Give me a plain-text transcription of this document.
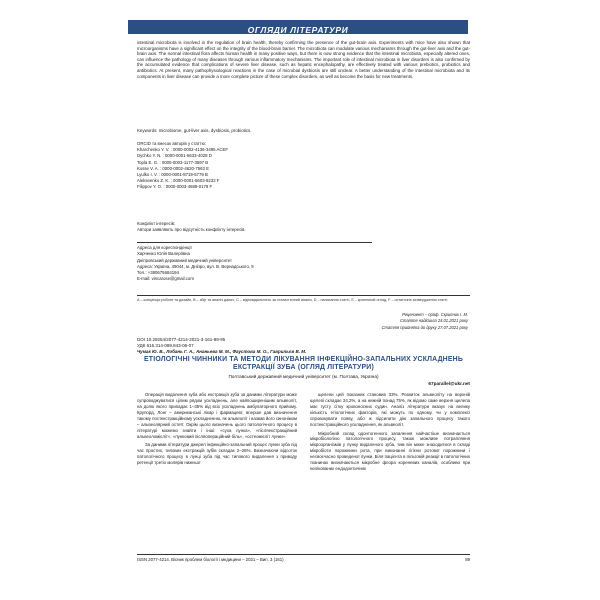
ОГЛЯДИ ЛІТЕРАТУРИ
intestinal microbiota is involved in the regulation of brain health, thereby confirming the presence of the gut-brain axis. Experiments with mice have also shown that microorganisms have a significant effect on the integrity of the blood-brain barrier. The microbiota can modulate various mechanisms through the gut-liver axis and the gut-brain axis. The normal intestinal flora affects human health in many positive ways, but there is now strong evidence that the intestinal microbiota, especially altered ones, can influence the pathology of many diseases through various inflammatory mechanisms. The important role of intestinal microbiota in liver disorders is also confirmed by the accumulated evidence that complications of severe liver disease, such as hepatic encephalopathy, are effectively treated with various prebiotics, probiotics and antibiotics. At present, many pathophysiological reactions in the case of microbial dysbiosis are still unclear. A better understanding of the intestinal microbiota and its components in liver disease can provide a more complete picture of these complex disorders, as well as become the basis for new treatments.
Keywords: microbiome, gut-liver axis, dysbiosis, probiotics.
ORCID та внесок авторів у статтю:
Kharchenko Y. V. : 0000-0002-4136-3495 ACEF
Dychko Y. N. : 0000-0001-6633-4028 D
Topla E. G. : 0000-0003-1177-3597 B
Kosse V. A. : 0000-0002-4620-7563 E
Lyulko I. V. : 0000-0001-8719-5779 B
Alekseenko Z. K. : 0000-0001-5603-8232 F
Filippov Y. O. : 0000-0003-4689-0179 F
Конфлікт інтересів:
Автори заявляють про відсутність конфлікту інтересів.
Адреса для кореспонденції
Харченко Юлія Валеріївна
Дніпровський державний медичний університет
Адреса: Україна, 49044, м. Дніпро, вул. В. Вернадського, 9
Тел.: +380675684194
E-mail: vincarose@gmail.com
А – концепція роботи та дизайн, В – збір та аналіз даних, С – відповідальність за статистичний аналіз, D – написання статті, E – критичний огляд, F – остаточне затвердження статті.
Рецензент – проф. Скрипник І. М.
Стаття надійшла 24.01.2021 року
Стаття прийнята до друку 27.07.2021 року
DOI 10.29254/2077-4214-2021-3-161-89-95
УДК 616.314-089.843-06-07
Чумак Ю. В., Лобань Г. А., Ананьева М. М., Фаустова М. О., Гаврильєв В. М.
ЕТІОЛОГІЧНІ ЧИННИКИ ТА МЕТОДИ ЛІКУВАННЯ ІНФЕКЦІЙНО-ЗАПАЛЬНИХ УСКЛАДНЕНЬ ЕКСТРАКЦІЇ ЗУБА (ОГЛЯД ЛІТЕРАТУРИ)
Полтавський державний медичний університет (м. Полтава, Україна)
67parallel@ukr.net

Операція видалення зуба або екстракція зуба за даними літератури може супроводжуватися цілим рядом ускладнень, але найпоширенішим альвеоліт, на долю якого припадає 1–35% від всіх ускладнень амбулаторного прийому. Крупорд, Лонг – американські лікар і фармацевт, вперше дав визначення такому постекстракційному ускладненню, як альвеоліт і назвав його синонімом – альвеолярний остеїт. Окрім цього визначень цього патологічного процесу в літературі можемо знайти і інші: «суха лунка», «післяекстракційний альвеоломієліт», «лунковий післяопераційний біль», «остеомієліт лунки».

За даними літератури джерел інфекційно-запальний процес лунки зуба під час простих, типових екстракцій зубів складає 2–28%. Визначаючи відсоток патологічного процесу в лунці зуба під час типового видалення з приводу ретенції третіх молярів нижньої

щелепи цей показник становив 33%. Розвиток альвеоліту на верхній щелепі складає 24,2%, а на нижній понад 75%, як відомо саме верхня щелепа має густу сітку кровоносних судин. Аналіз літератури вказує на велику кількість етіологічних факторів, які можуть по одному, чи у комплексі спровокувати появу, або ж підсилити дію запального процесу такого постекстракційного ускладнення, як альвеоліт.

Мікробний склад одонтогенного запалення найчастіше визначається мікробіологією патологічного процесу, також можливе потрапляння мікроорганізмів у лунку видаленого зуба, тим він може знаходитися в складі мікробіоти порожнини рота, при виконанні гігієни ротової порожнини і несвоєчасно проведеної лунки. Біля пацієнта в пільговій реакції в патологічних тканинах визначаються мікробне флора кореневих каналів, особливо при нелікованих ендодонтичних

ISSN 2077-4214. Вісник проблем біології і медицини – 2021 – Вип. 3 (161)	89
